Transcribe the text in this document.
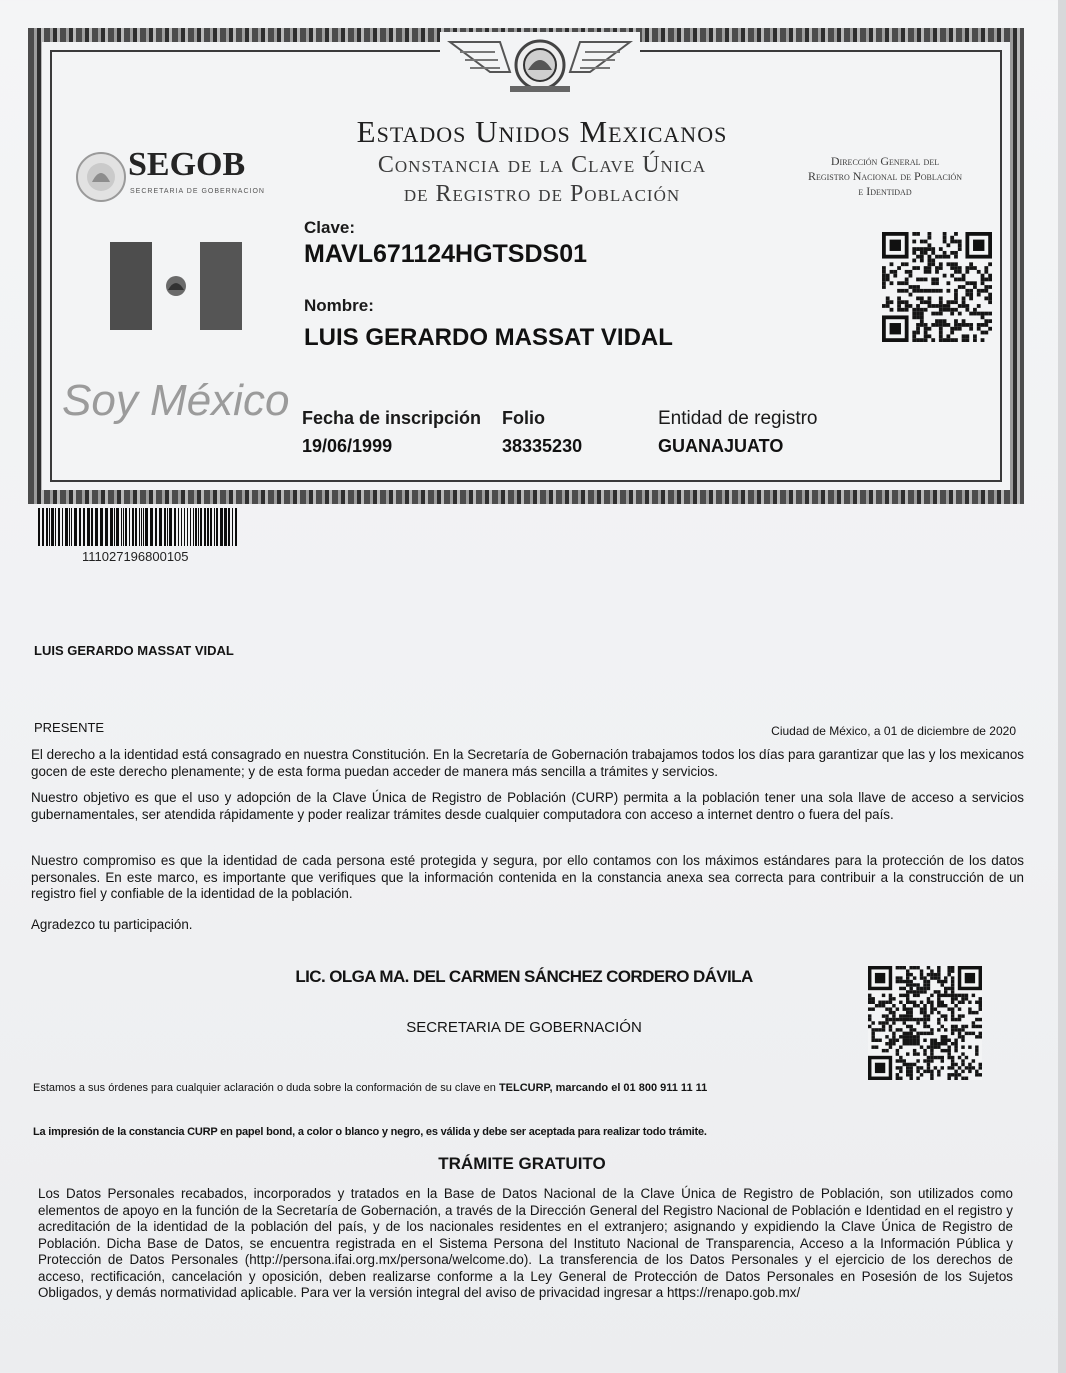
Estados Unidos Mexicanos
Constancia de la Clave Única
de Registro de Población
Dirección General del
Registro Nacional de Población
e Identidad
SEGOB
SECRETARIA DE GOBERNACION
Soy México
Clave:
MAVL671124HGTSDS01
Nombre:
LUIS GERARDO MASSAT VIDAL
Fecha de inscripción
19/06/1999
Folio
38335230
Entidad de registro
GUANAJUATO
111027196800105
LUIS GERARDO MASSAT VIDAL
PRESENTE	Ciudad de México, a 01 de diciembre de 2020

El derecho a la identidad está consagrado en nuestra Constitución. En la Secretaría de Gobernación trabajamos todos los días para garantizar que las y los mexicanos gocen de este derecho plenamente; y de esta forma puedan acceder de manera más sencilla a trámites y servicios.

Nuestro objetivo es que el uso y adopción de la Clave Única de Registro de Población (CURP) permita a la población tener una sola llave de acceso a servicios gubernamentales, ser atendida rápidamente y poder realizar trámites desde cualquier computadora con acceso a internet dentro o fuera del país.

Nuestro compromiso es que la identidad de cada persona esté protegida y segura, por ello contamos con los máximos estándares para la protección de los datos personales. En este marco, es importante que verifiques que la información contenida en la constancia anexa sea correcta para contribuir a la construcción de un registro fiel y confiable de la identidad de la población.

Agradezco tu participación.
LIC. OLGA MA. DEL CARMEN SÁNCHEZ CORDERO DÁVILA
SECRETARIA DE GOBERNACIÓN
Estamos a sus órdenes para cualquier aclaración o duda sobre la conformación de su clave en TELCURP, marcando el 01 800 911 11 11
La impresión de la constancia CURP en papel bond, a color o blanco y negro, es válida y debe ser aceptada para realizar todo trámite.
TRÁMITE GRATUITO

Los Datos Personales recabados, incorporados y tratados en la Base de Datos Nacional de la Clave Única de Registro de Población, son utilizados como elementos de apoyo en la función de la Secretaría de Gobernación, a través de la Dirección General del Registro Nacional de Población e Identidad en el registro y acreditación de la identidad de la población del país, y de los nacionales residentes en el extranjero; asignando y expidiendo la Clave Única de Registro de Población. Dicha Base de Datos, se encuentra registrada en el Sistema Persona del Instituto Nacional de Transparencia, Acceso a la Información Pública y Protección de Datos Personales (http://persona.ifai.org.mx/persona/welcome.do). La transferencia de los Datos Personales y el ejercicio de los derechos de acceso, rectificación, cancelación y oposición, deben realizarse conforme a la Ley General de Protección de Datos Personales en Posesión de los Sujetos Obligados, y demás normatividad aplicable. Para ver la versión integral del aviso de privacidad ingresar a https://renapo.gob.mx/
